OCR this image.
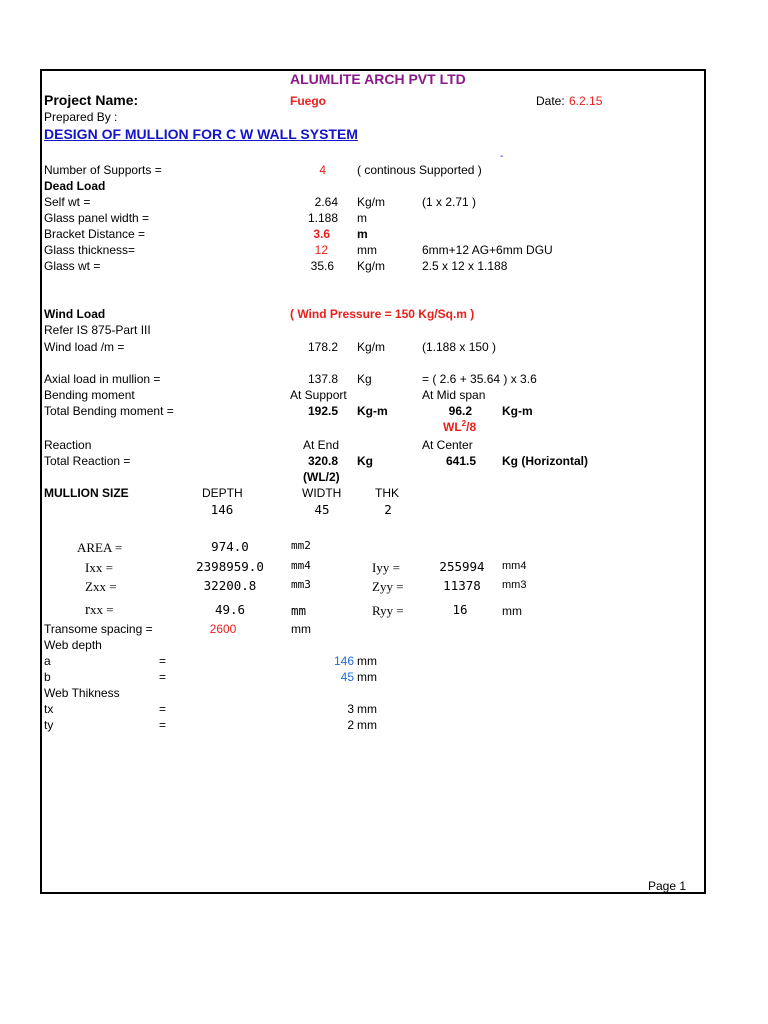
ALUMLITE ARCH PVT LTD
Project Name:	Fuego	Date: 6.2.15
Prepared By :
DESIGN OF MULLION FOR C W WALL SYSTEM
-
Number of Supports =	4	( continous Supported )
Dead Load
Self wt =	2.64 Kg/m	(1 x 2.71 )
Glass panel width =	1.188 m
Bracket Distance =	3.6 m
Glass thickness=	12 mm	6mm+12 AG+6mm DGU
Glass wt =	35.6 Kg/m	2.5 x 12 x 1.188
Wind Load	( Wind Pressure = 150 Kg/Sq.m )
Refer IS 875-Part III
Wind load /m =	178.2 Kg/m	(1.188 x 150 )
Axial load in mullion =	137.8 Kg	= ( 2.6 + 35.64 ) x 3.6
Bending moment	At Support	At Mid span
Total Bending moment =	192.5 Kg-m	96.2	Kg-m
$WL^2/8$
Reaction	At End	At Center
Total Reaction =	320.8 Kg	641.5 Kg (Horizontal)
(WL/2)
MULLION SIZE	DEPTH	WIDTH	THK
146	45	2
AREA =	974.0	mm2
Ixx =	2398959.0	mm4	Iyy =	255994	mm4
Zxx =	32200.8	mm3	Zyy =	11378	mm3
rxx =	49.6	mm	Ryy =	16	mm
Transome spacing =	2600	mm
Web depth
a	=	146 mm
b	=	45 mm
Web Thikness
tx	=	3 mm
ty	=	2 mm
Page 1
